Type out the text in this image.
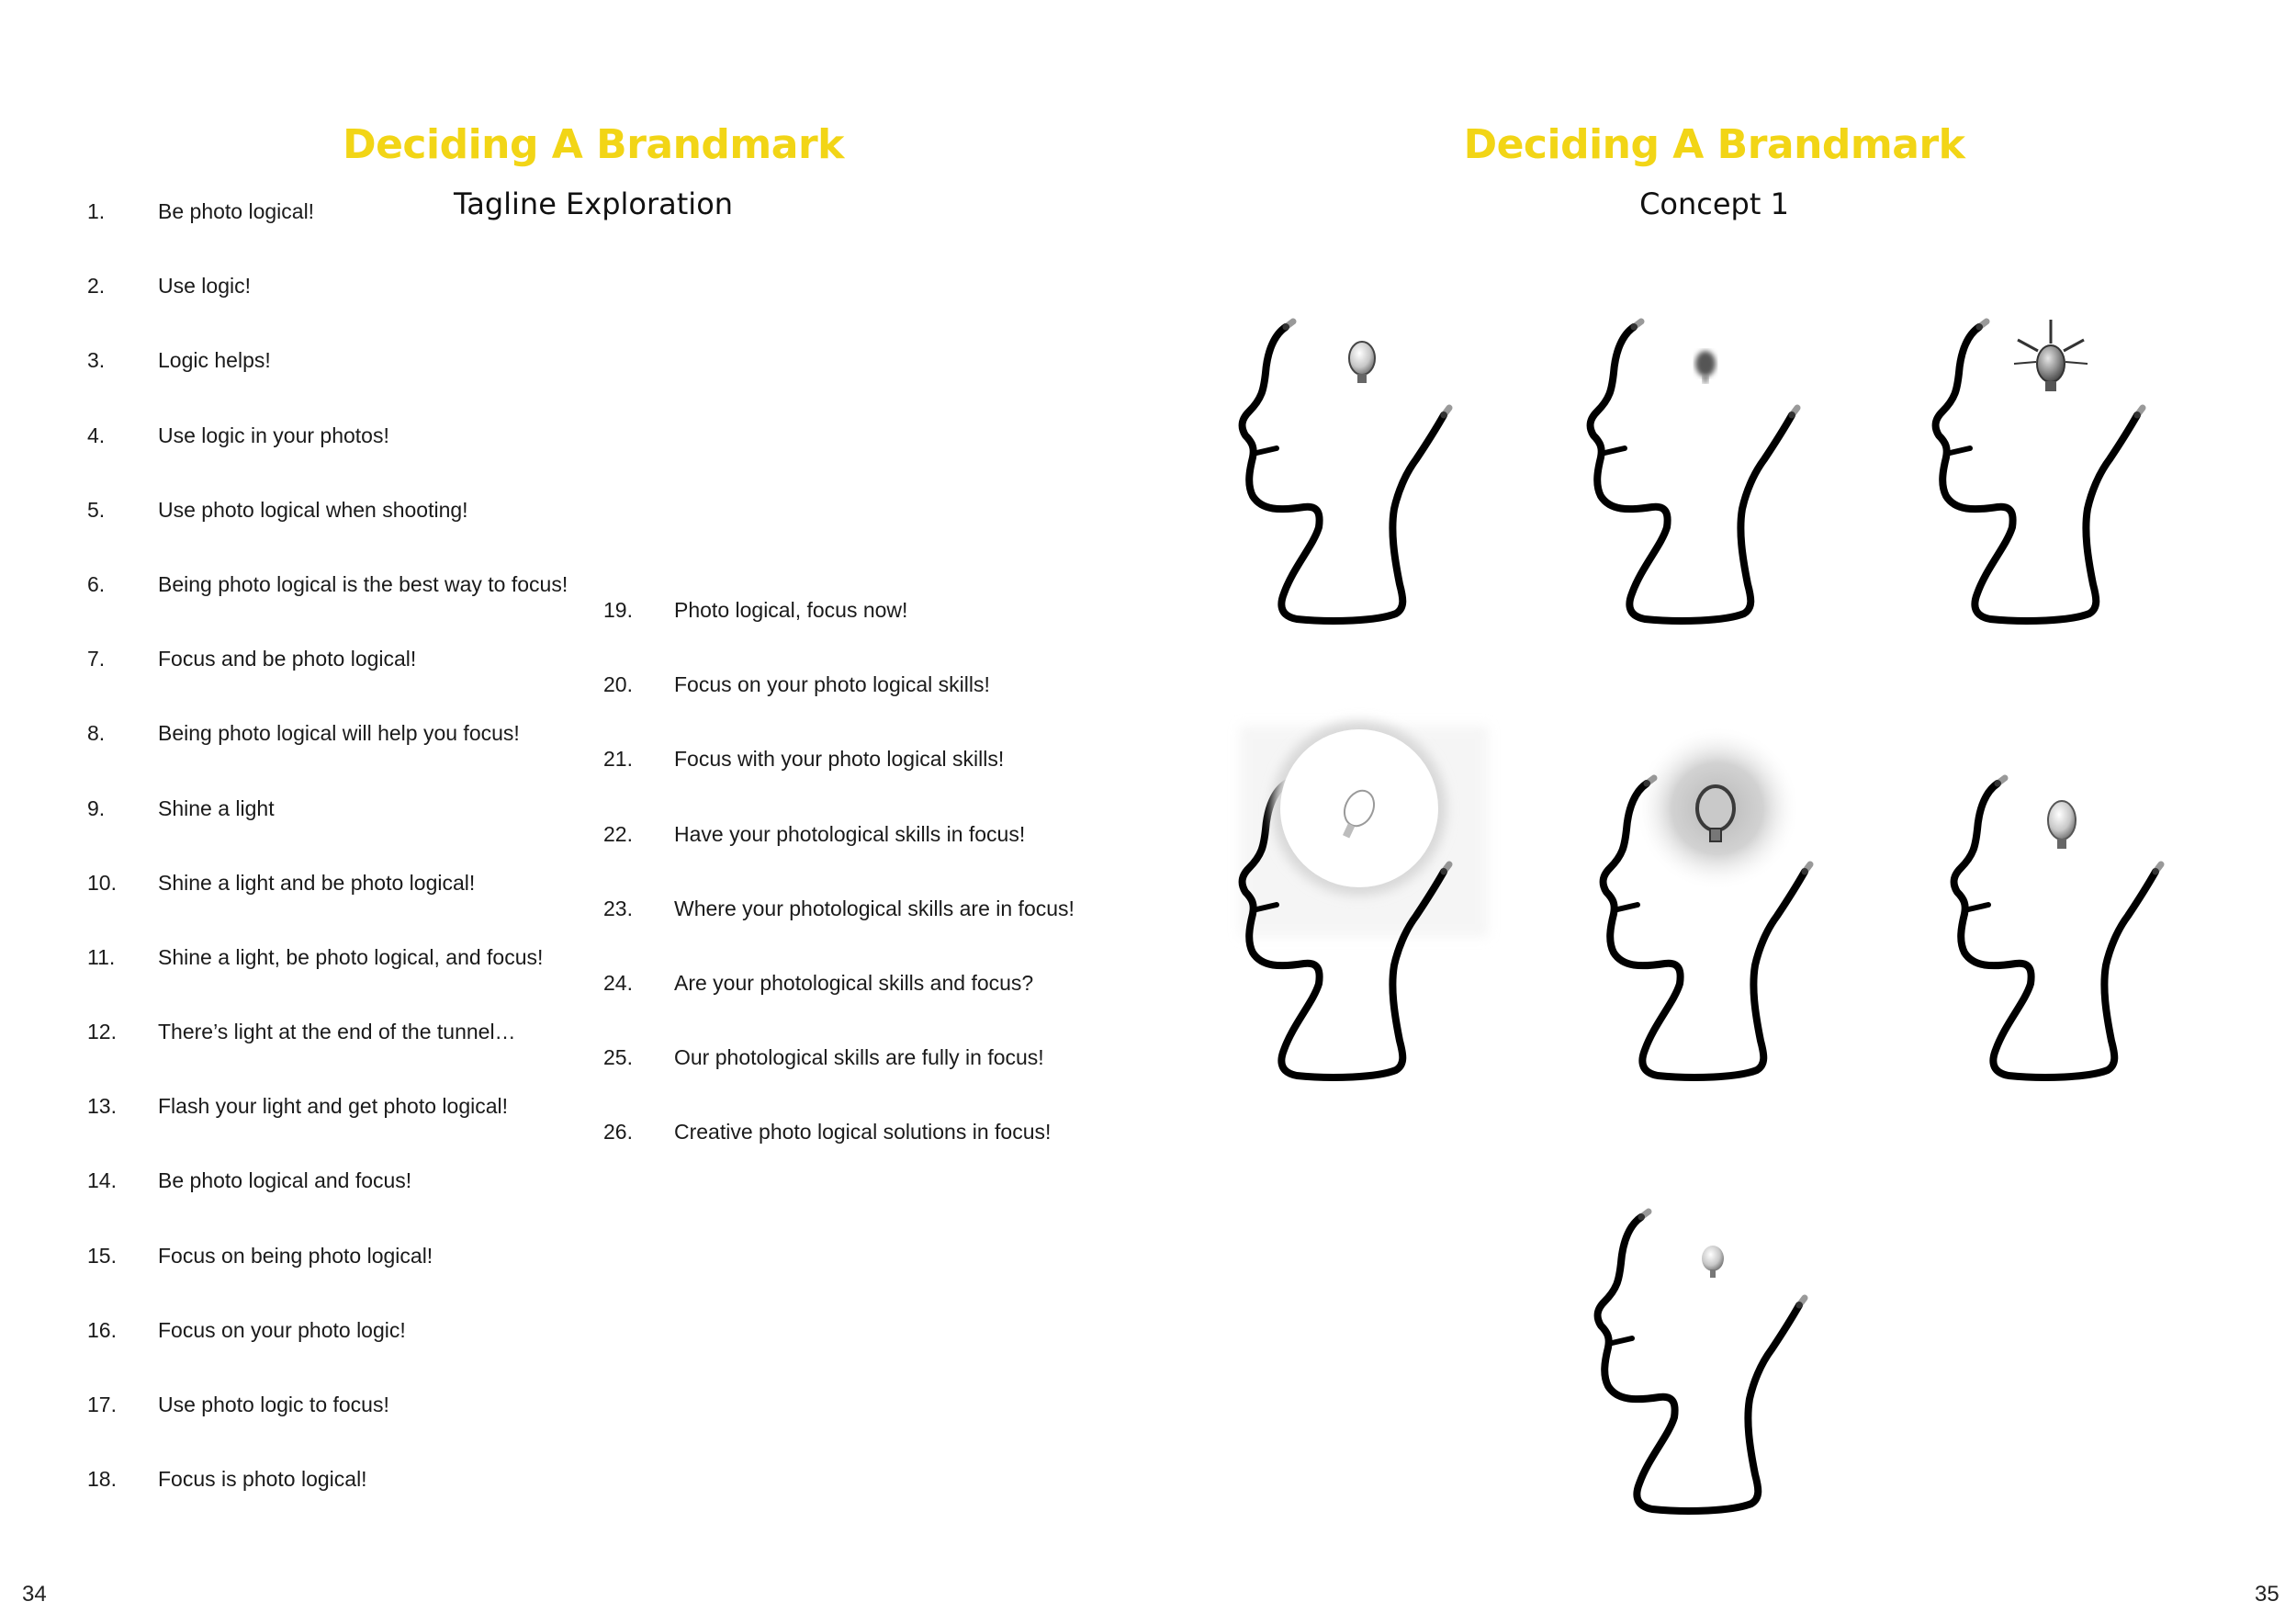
Deciding A Brandmark
Tagline Exploration
1.	Be photo logical!
2.	Use logic!
3.	Logic helps!
4.	Use logic in your photos!
5.	Use photo logical when shooting!
6.	Being photo logical is the best way to focus!
7.	Focus and be photo logical!
8.	Being photo logical will help you focus!
9.	Shine a light
10.	Shine a light and be photo logical!
11.	Shine a light, be photo logical, and focus!
12.	There’s light at the end of the tunnel…
13.	Flash your light and get photo logical!
14.	Be photo logical and focus!
15.	Focus on being photo logical!
16.	Focus on your photo logic!
17.	Use photo logic to focus!
18.	Focus is photo logical!
19.	Photo logical, focus now!
20.	Focus on your photo logical skills!
21.	Focus with your photo logical skills!
22.	Have your photological skills in focus!
23.	Where your photological skills are in focus!
24.	Are your photological skills and focus?
25.	Our photological skills are fully in focus!
26.	Creative photo logical solutions in focus!
34
Deciding A Brandmark
Concept 1
35
